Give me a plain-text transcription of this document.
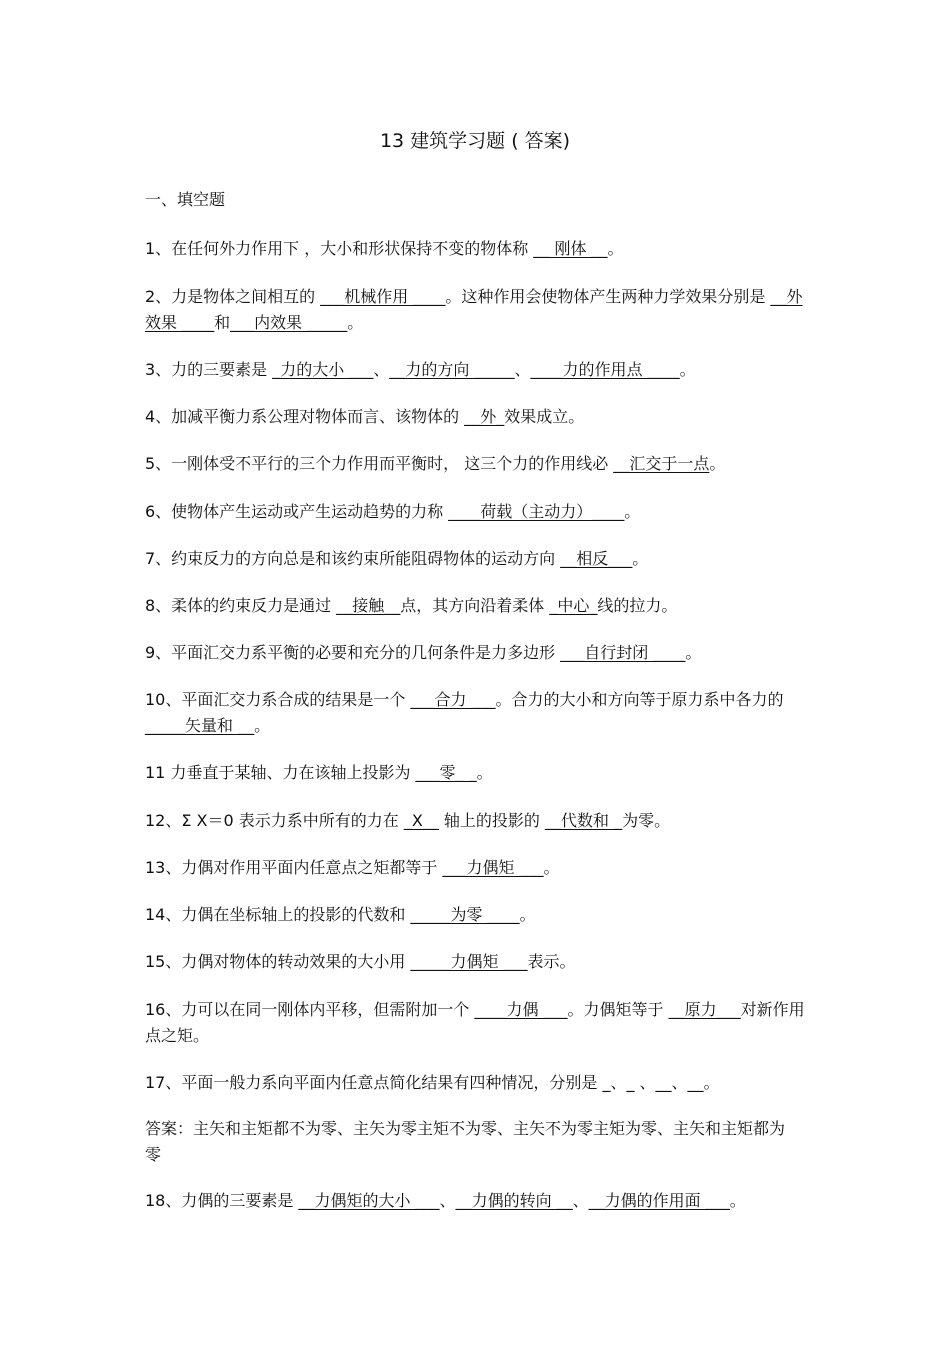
13 建筑学习题 ( 答案)
一、填空题
1、在任何外力作用下 ，大小和形状保持不变的物体称 __ 刚体 __。
2、力是物体之间相互的 ___机械作用 ____。这种作用会使物体产生两种力学效果分别是 __外效果 ____和___内效果 _____。
3、力的三要素是 _力的大小 ___、__力的方向 _____、____力的作用点 ____。
4、加减平衡力系公理对物体而言、该物体的 __外_效果成立。
5、一刚体受不平行的三个力作用而平衡时， 这三个力的作用线必 __汇交于一点。
6、使物体产生运动或产生运动趋势的力称 ____荷载（主动力）____。
7、约束反力的方向总是和该约束所能阻碍物体的运动方向 __相反___。
8、柔体的约束反力是通过 __接触__点，其方向沿着柔体 _中心_线的拉力。
9、平面汇交力系平衡的必要和充分的几何条件是力多边形 ___自行封闭 ____。
10、平面汇交力系合成的结果是一个 ___合力 ___。合力的大小和方向等于原力系中各力的 _____矢量和 __。
11 力垂直于某轴、力在该轴上投影为 ___零_ _。
12、Σ X＝0 表示力系中所有的力在 _X__ 轴上的投影的 __代数和 _为零。
13、力偶对作用平面内任意点之矩都等于 ___力偶矩 ___。
14、力偶在坐标轴上的投影的代数和 _____为零 ____。
15、力偶对物体的转动效果的大小用 _____力偶矩 ___表示。
16、力可以在同一刚体内平移，但需附加一个 ____力偶 ___。力偶矩等于 __原力___对新作用点之矩。
17、平面一般力系向平面内任意点简化结果有四种情况，分别是 _、_ 、__、__。
答案：主矢和主矩都不为零、主矢为零主矩不为零、主矢不为零主矩为零、主矢和主矩都为零
18、力偶的三要素是 __力偶矩的大小 ___、__力偶的转向 __、__力偶的作用面 ___。
